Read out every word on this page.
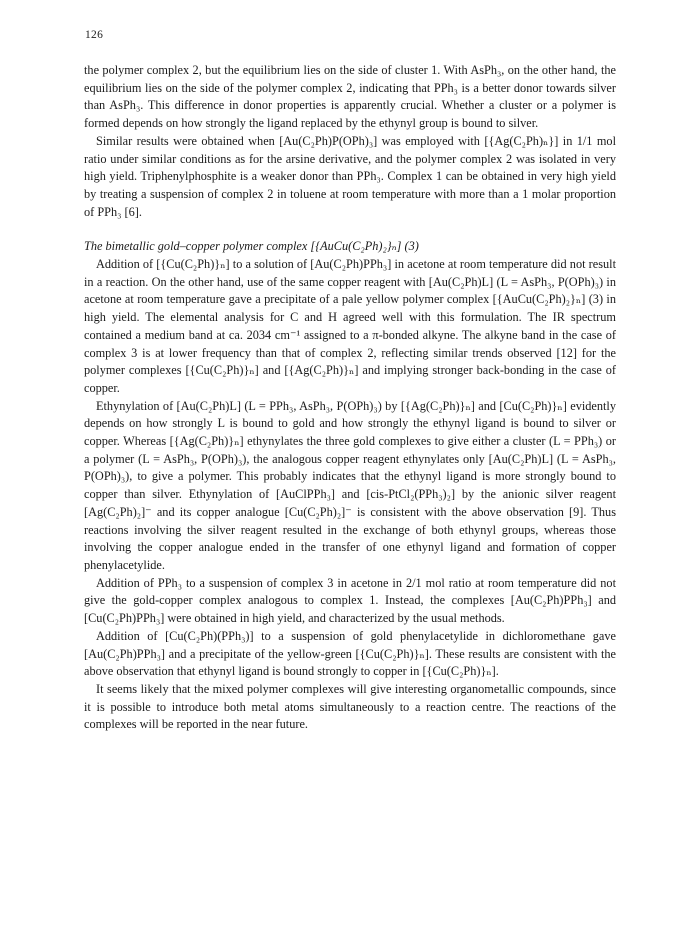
126

the polymer complex 2, but the equilibrium lies on the side of cluster 1. With AsPh₃, on the other hand, the equilibrium lies on the side of the polymer complex 2, indicating that PPh₃ is a better donor towards silver than AsPh₃. This difference in donor properties is apparently crucial. Whether a cluster or a polymer is formed depends on how strongly the ligand replaced by the ethynyl group is bound to silver.

Similar results were obtained when [Au(C₂Ph)P(OPh)₃] was employed with [{Ag(C₂Ph)ₙ}] in 1/1 mol ratio under similar conditions as for the arsine derivative, and the polymer complex 2 was isolated in very high yield. Triphenylphosphite is a weaker donor than PPh₃. Complex 1 can be obtained in very high yield by treating a suspension of complex 2 in toluene at room temperature with more than a 1 molar proportion of PPh₃ [6].

The bimetallic gold–copper polymer complex [{AuCu(C₂Ph)₂}ₙ] (3)

Addition of [{Cu(C₂Ph)}ₙ] to a solution of [Au(C₂Ph)PPh₃] in acetone at room temperature did not result in a reaction. On the other hand, use of the same copper reagent with [Au(C₂Ph)L] (L = AsPh₃, P(OPh)₃) in acetone at room temperature gave a precipitate of a pale yellow polymer complex [{AuCu(C₂Ph)₂}ₙ] (3) in high yield. The elemental analysis for C and H agreed well with this formulation. The IR spectrum contained a medium band at ca. 2034 cm⁻¹ assigned to a π-bonded alkyne. The alkyne band in the case of complex 3 is at lower frequency than that of complex 2, reflecting similar trends observed [12] for the polymer complexes [{Cu(C₂Ph)}ₙ] and [{Ag(C₂Ph)}ₙ] and implying stronger back-bonding in the case of copper.

Ethynylation of [Au(C₂Ph)L] (L = PPh₃, AsPh₃, P(OPh)₃) by [{Ag(C₂Ph)}ₙ] and [Cu(C₂Ph)}ₙ] evidently depends on how strongly L is bound to gold and how strongly the ethynyl ligand is bound to silver or copper. Whereas [{Ag(C₂Ph)}ₙ] ethynylates the three gold complexes to give either a cluster (L = PPh₃) or a polymer (L = AsPh₃, P(OPh)₃), the analogous copper reagent ethynylates only [Au(C₂Ph)L] (L = AsPh₃, P(OPh)₃), to give a polymer. This probably indicates that the ethynyl ligand is more strongly bound to copper than silver. Ethynylation of [AuClPPh₃] and [cis-PtCl₂(PPh₃)₂] by the anionic silver reagent [Ag(C₂Ph)₂]⁻ and its copper analogue [Cu(C₂Ph)₂]⁻ is consistent with the above observation [9]. Thus reactions involving the silver reagent resulted in the exchange of both ethynyl groups, whereas those involving the copper analogue ended in the transfer of one ethynyl ligand and formation of copper phenylacetylide.

Addition of PPh₃ to a suspension of complex 3 in acetone in 2/1 mol ratio at room temperature did not give the gold-copper complex analogous to complex 1. Instead, the complexes [Au(C₂Ph)PPh₃] and [Cu(C₂Ph)PPh₃] were obtained in high yield, and characterized by the usual methods.

Addition of [Cu(C₂Ph)(PPh₃)] to a suspension of gold phenylacetylide in dichloromethane gave [Au(C₂Ph)PPh₃] and a precipitate of the yellow-green [{Cu(C₂Ph)}ₙ]. These results are consistent with the above observation that ethynyl ligand is bound strongly to copper in [{Cu(C₂Ph)}ₙ].

It seems likely that the mixed polymer complexes will give interesting organometallic compounds, since it is possible to introduce both metal atoms simultaneously to a reaction centre. The reactions of the complexes will be reported in the near future.
